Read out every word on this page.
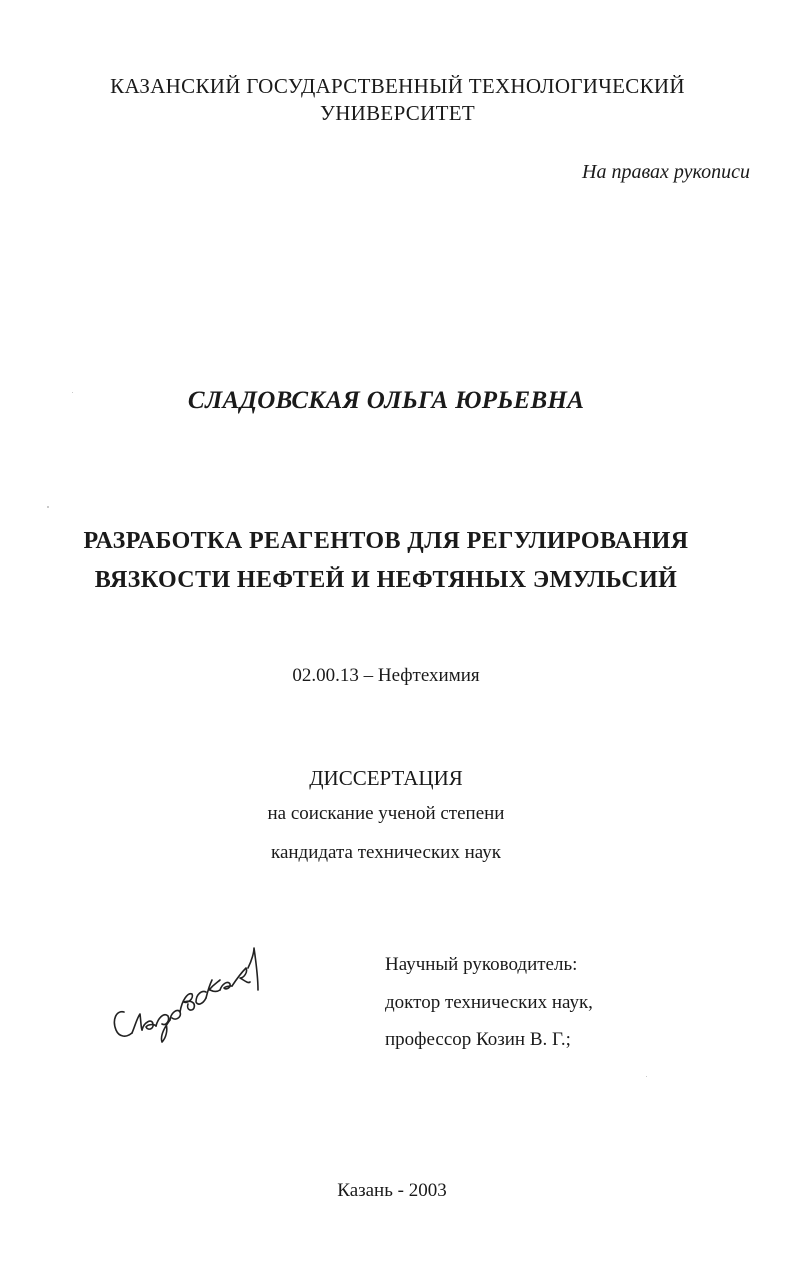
КАЗАНСКИЙ ГОСУДАРСТВЕННЫЙ ТЕХНОЛОГИЧЕСКИЙ
УНИВЕРСИТЕТ
На правах рукописи
СЛАДОВСКАЯ ОЛЬГА ЮРЬЕВНА
РАЗРАБОТКА РЕАГЕНТОВ ДЛЯ РЕГУЛИРОВАНИЯ
ВЯЗКОСТИ НЕФТЕЙ И НЕФТЯНЫХ ЭМУЛЬСИЙ
02.00.13 – Нефтехимия
ДИССЕРТАЦИЯ
на соискание ученой степени
кандидата технических наук
Научный руководитель:
доктор технических наук,
профессор Козин В. Г.;
Казань - 2003
